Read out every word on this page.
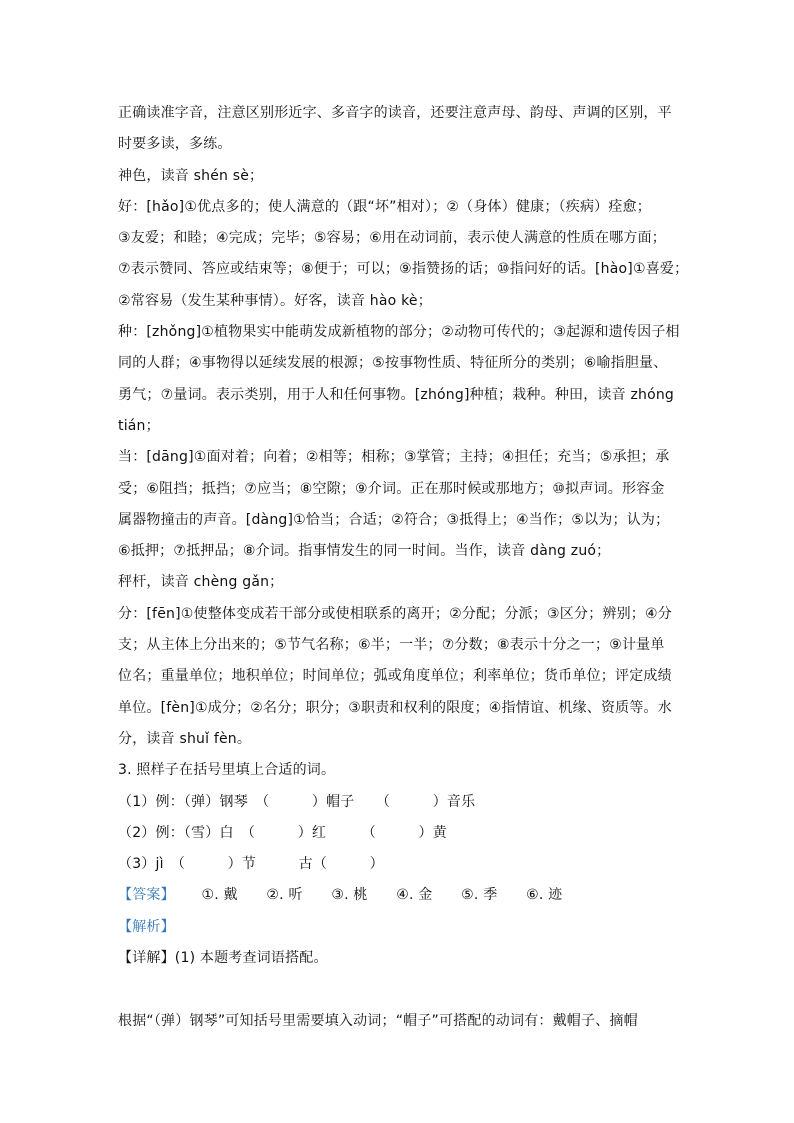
正确读准字音，注意区别形近字、多音字的读音，还要注意声母、韵母、声调的区别，平
时要多读，多练。
神色，读音 shén sè；
好：[hǎo]①优点多的；使人满意的（跟“坏”相对）；②（身体）健康；（疾病）痊愈；
③友爱；和睦；④完成；完毕；⑤容易；⑥用在动词前，表示使人满意的性质在哪方面；
⑦表示赞同、答应或结束等；⑧便于；可以；⑨指赞扬的话；⑩指问好的话。[hào]①喜爱；
②常容易（发生某种事情）。好客，读音 hào kè；
种：[zhǒng]①植物果实中能萌发成新植物的部分；②动物可传代的；③起源和遗传因子相
同的人群；④事物得以延续发展的根源；⑤按事物性质、特征所分的类别；⑥喻指胆量、
勇气；⑦量词。表示类别，用于人和任何事物。[zhóng]种植；栽种。种田，读音 zhóng
tián；
当：[dāng]①面对着；向着；②相等；相称；③掌管；主持；④担任；充当；⑤承担；承
受；⑥阻挡；抵挡；⑦应当；⑧空隙；⑨介词。正在那时候或那地方；⑩拟声词。形容金
属器物撞击的声音。[dàng]①恰当；合适；②符合；③抵得上；④当作；⑤以为；认为；
⑥抵押；⑦抵押品；⑧介词。指事情发生的同一时间。当作，读音 dàng zuó；
秤杆，读音 chèng gǎn；
分：[fēn]①使整体变成若干部分或使相联系的离开；②分配；分派；③区分；辨别；④分
支；从主体上分出来的；⑤节气名称；⑥半；一半；⑦分数；⑧表示十分之一；⑨计量单
位名；重量单位；地积单位；时间单位；弧或角度单位；利率单位；货币单位；评定成绩
单位。[fèn]①成分；②名分；职分；③职责和权利的限度；④指情谊、机缘、资质等。水
分，读音 shuǐ fèn。
3. 照样子在括号里填上合适的词。
（1）例：（弹）钢琴　（　　　）帽子　　（　　　）音乐
（2）例：（雪）白　（　　　）红　　　（　　　）黄
（3）jì　（　　　）节　　　古（　　　）
【答案】 ①. 戴 ②. 听 ③. 桃 ④. 金 ⑤. 季 ⑥. 迹
【解析】
【详解】(1) 本题考查词语搭配。
根据“（弹）钢琴”可知括号里需要填入动词；“帽子”可搭配的动词有：戴帽子、摘帽
